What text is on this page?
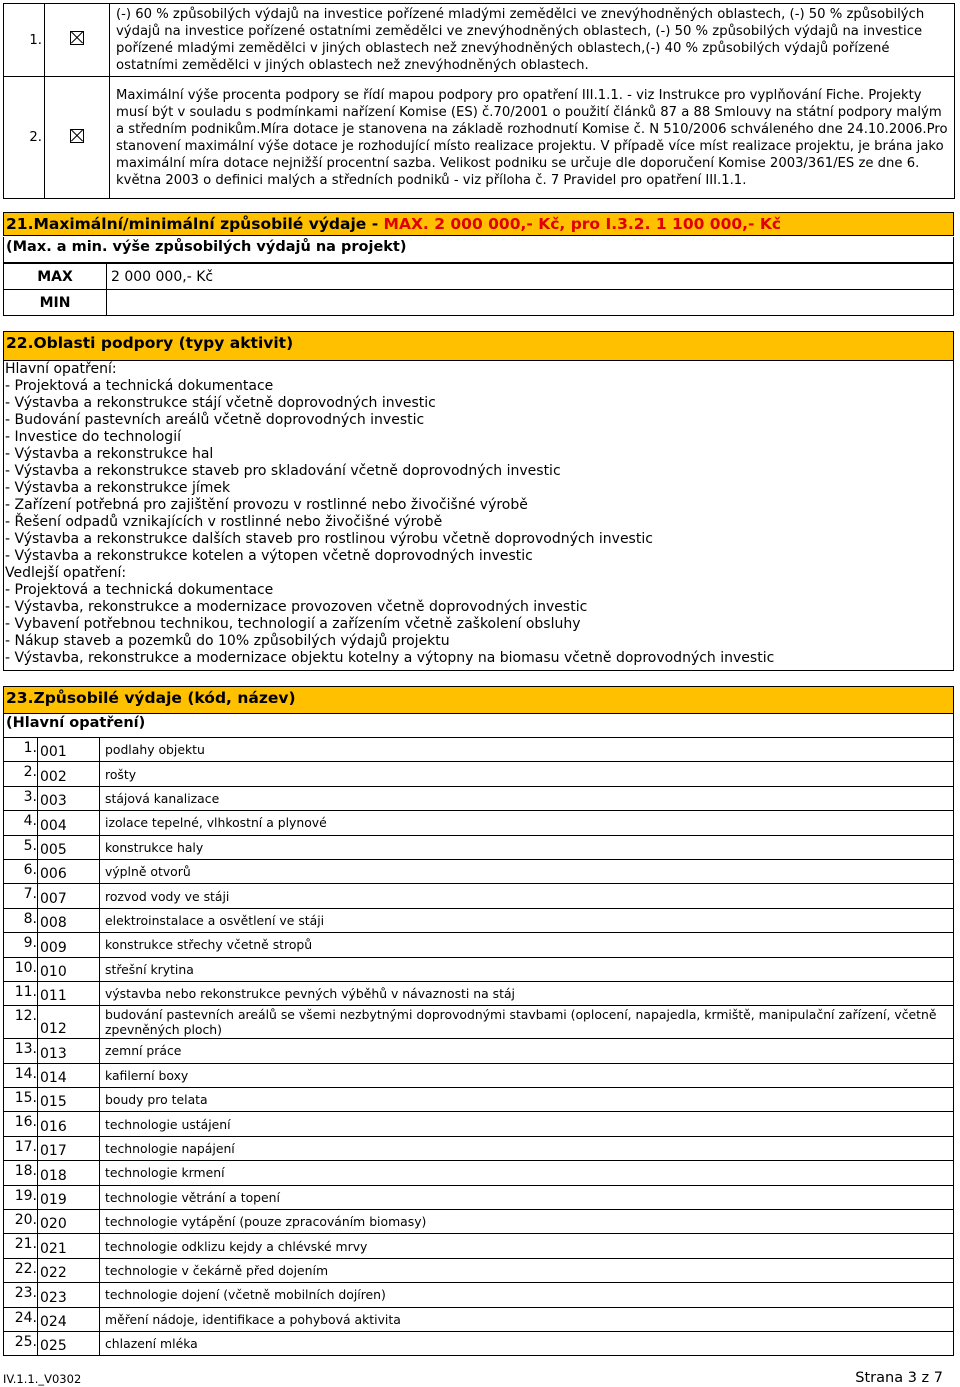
1.		(-) 60 % způsobilých výdajů na investice pořízené mladými zemědělci ve znevýhodněných oblastech, (-) 50 % způsobilých výdajů na investice pořízené ostatními zemědělci ve znevýhodněných oblastech, (-) 50 % způsobilých výdajů na investice pořízené mladými zemědělci v jiných oblastech než znevýhodněných oblastech,(-) 40 % způsobilých výdajů pořízené ostatními zemědělci v jiných oblastech než znevýhodněných oblastech.
2.		Maximální výše procenta podpory se řídí mapou podpory pro opatření III.1.1. - viz Instrukce pro vyplňování Fiche. Projekty musí být v souladu s podmínkami nařízení Komise (ES) č.70/2001 o použití článků 87 a 88 Smlouvy na státní podpory malým a středním podnikům.Míra dotace je stanovena na základě rozhodnutí Komise č. N 510/2006 schváleného dne 24.10.2006.Pro stanovení maximální výše dotace je rozhodující místo realizace projektu. V případě více míst realizace projektu, je brána jako maximální míra dotace nejnižší procentní sazba. Velikost podniku se určuje dle doporučení Komise 2003/361/ES ze dne 6. května 2003 o definici malých a středních podniků - viz příloha č. 7 Pravidel pro opatření III.1.1.
21.Maximální/minimální způsobilé výdaje - MAX. 2 000 000,- Kč, pro I.3.2. 1 100 000,- Kč
(Max. a min. výše způsobilých výdajů na projekt)
MAX	2 000 000,- Kč
MIN	
22.Oblasti podpory (typy aktivit)
Hlavní opatření:
- Projektová a technická dokumentace
- Výstavba a rekonstrukce stájí včetně doprovodných investic
- Budování pastevních areálů včetně doprovodných investic
- Investice do technologií
- Výstavba a rekonstrukce hal
- Výstavba a rekonstrukce staveb pro skladování včetně doprovodných investic
- Výstavba a rekonstrukce jímek
- Zařízení potřebná pro zajištění provozu v rostlinné nebo živočišné výrobě
- Řešení odpadů vznikajících v rostlinné nebo živočišné výrobě
- Výstavba a rekonstrukce dalších staveb pro rostlinou výrobu včetně doprovodných investic
- Výstavba a rekonstrukce kotelen a výtopen včetně doprovodných investic
Vedlejší opatření:
- Projektová a technická dokumentace
- Výstavba, rekonstrukce a modernizace provozoven včetně doprovodných investic
- Vybavení potřebnou technikou, technologií a zařízením včetně zaškolení obsluhy
- Nákup staveb a pozemků do 10% způsobilých výdajů projektu
- Výstavba, rekonstrukce a modernizace objektu kotelny a výtopny na biomasu včetně doprovodných investic
23.Způsobilé výdaje (kód, název)
(Hlavní opatření)
1.	001	podlahy objektu
2.	002	rošty
3.	003	stájová kanalizace
4.	004	izolace tepelné, vlhkostní a plynové
5.	005	konstrukce haly
6.	006	výplně otvorů
7.	007	rozvod vody ve stáji
8.	008	elektroinstalace a osvětlení ve stáji
9.	009	konstrukce střechy včetně stropů
10.	010	střešní krytina
11.	011	výstavba nebo rekonstrukce pevných výběhů v návaznosti na stáj
12.	012	budování pastevních areálů se všemi nezbytnými doprovodnými stavbami (oplocení, napajedla, krmiště, manipulační zařízení, včetně zpevněných ploch)
13.	013	zemní práce
14.	014	kafilerní boxy
15.	015	boudy pro telata
16.	016	technologie ustájení
17.	017	technologie napájení
18.	018	technologie krmení
19.	019	technologie větrání a topení
20.	020	technologie vytápění (pouze zpracováním biomasy)
21.	021	technologie odklizu kejdy a chlévské mrvy
22.	022	technologie v čekárně před dojením
23.	023	technologie dojení (včetně mobilních dojíren)
24.	024	měření nádoje, identifikace a pohybová aktivita
25.	025	chlazení mléka
IV.1.1._V0302	Strana 3 z 7
